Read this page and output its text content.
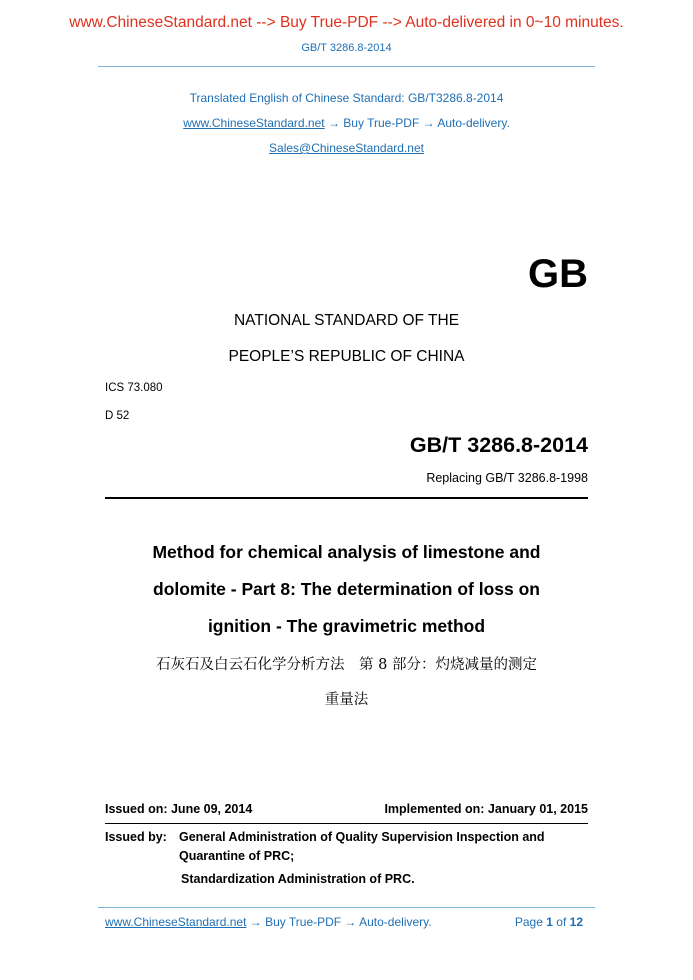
www.ChineseStandard.net --> Buy True-PDF --> Auto-delivered in 0~10 minutes.
GB/T 3286.8-2014
Translated English of Chinese Standard: GB/T3286.8-2014
www.ChineseStandard.net → Buy True-PDF → Auto-delivery.
Sales@ChineseStandard.net
GB
NATIONAL STANDARD OF THE
PEOPLE’S REPUBLIC OF CHINA
ICS 73.080
D 52
GB/T 3286.8-2014
Replacing GB/T 3286.8-1998
Method for chemical analysis of limestone and
dolomite - Part 8: The determination of loss on
ignition - The gravimetric method
石灰石及白云石化学分析方法　第 8 部分：灼烧减量的测定
重量法
Issued on: June 09, 2014	Implemented on: January 01, 2015
Issued by: General Administration of Quality Supervision Inspection and
Quarantine of PRC;
Standardization Administration of PRC.
www.ChineseStandard.net → Buy True-PDF → Auto-delivery.	Page 1 of 12
